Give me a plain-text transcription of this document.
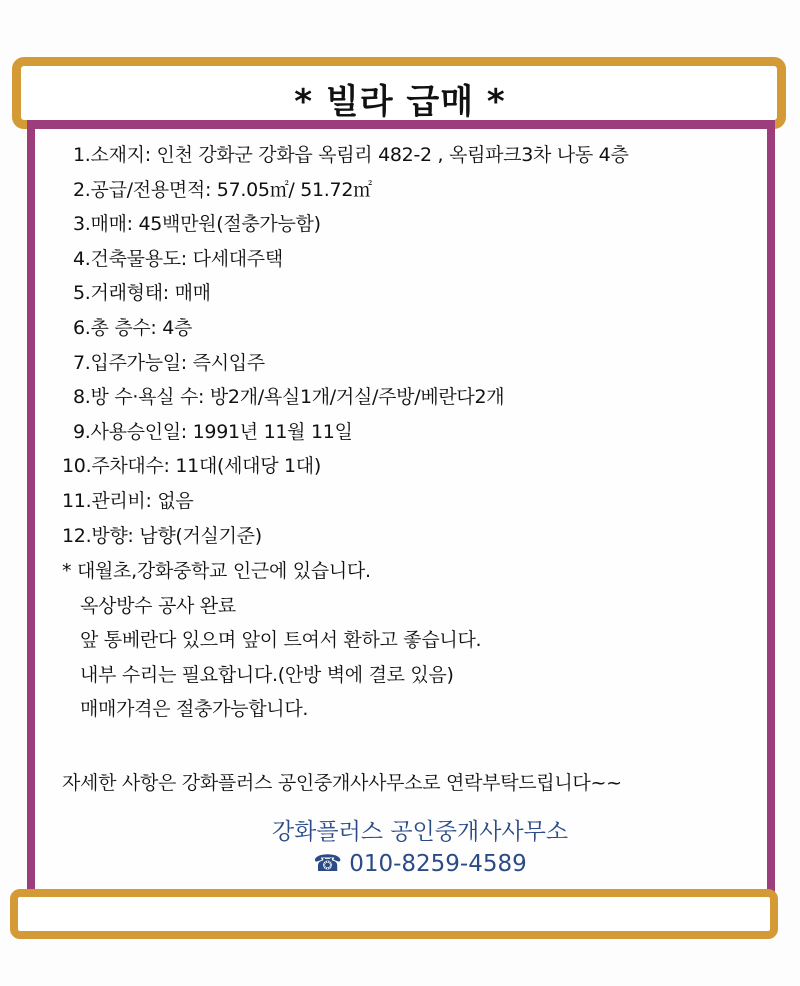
* 빌라 급매 *
1.소재지: 인천 강화군 강화읍 옥림리 482-2 , 옥림파크3차 나동 4층
2.공급/전용면적: 57.05㎡/ 51.72㎡
3.매매: 45백만원(절충가능함)
4.건축물용도: 다세대주택
5.거래형태: 매매
6.총 층수: 4층
7.입주가능일: 즉시입주
8.방 수·욕실 수: 방2개/욕실1개/거실/주방/베란다2개
9.사용승인일: 1991년 11월 11일
10.주차대수: 11대(세대당 1대)
11.관리비: 없음
12.방향: 남향(거실기준)
* 대월초,강화중학교 인근에 있습니다.
옥상방수 공사 완료
앞 통베란다 있으며 앞이 트여서 환하고 좋습니다.
내부 수리는 필요합니다.(안방 벽에 결로 있음)
매매가격은 절충가능합니다.
자세한 사항은 강화플러스 공인중개사사무소로 연락부탁드립니다~~
강화플러스 공인중개사사무소
☎ 010-8259-4589
